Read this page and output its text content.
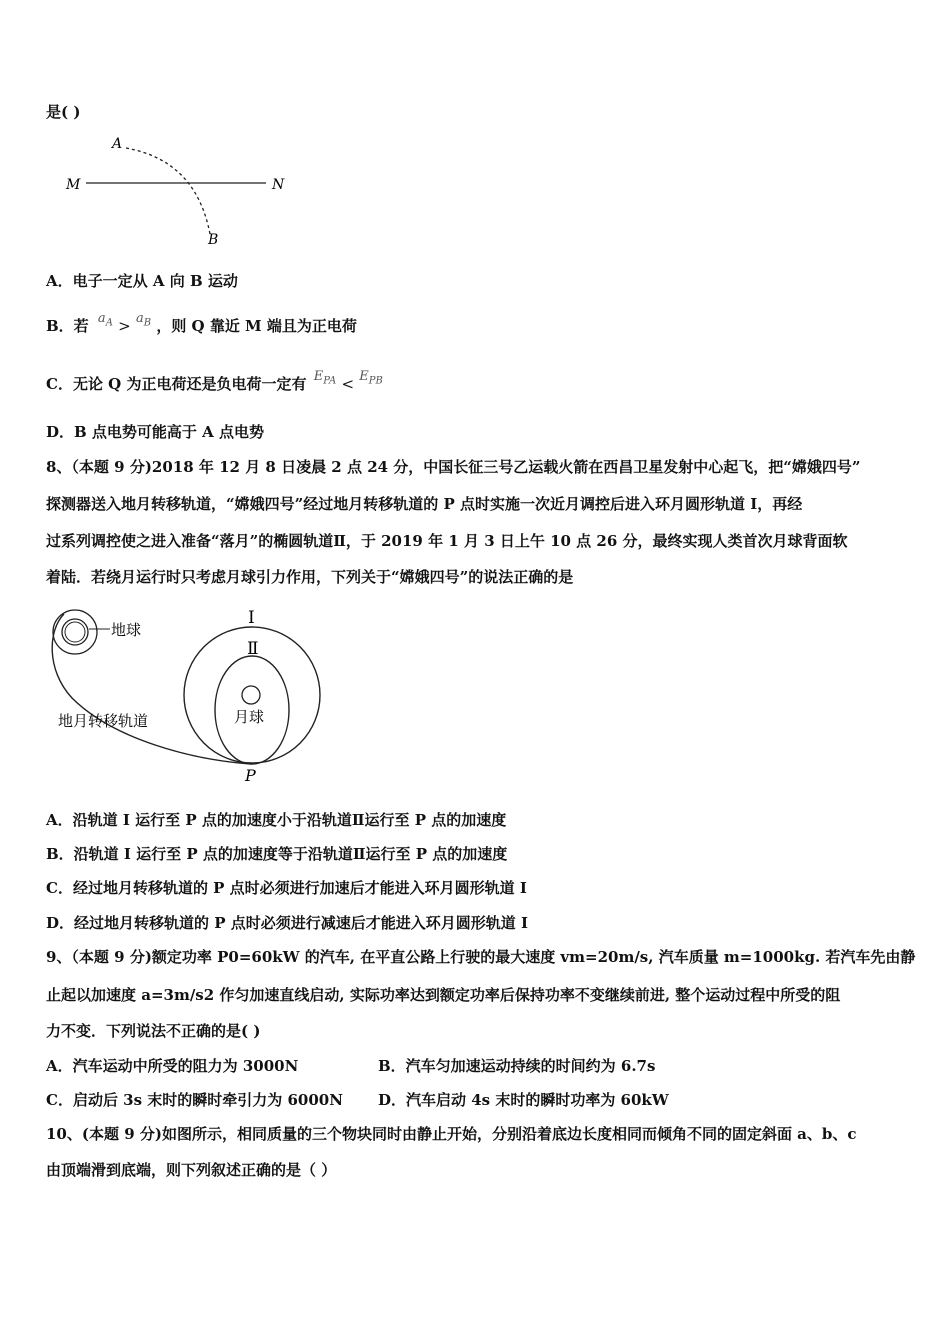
是( )
A
M	N
B
A．电子一定从 A 向 B 运动
B．若 $a_A > a_B$ ，则 Q 靠近 M 端且为正电荷
C．无论 Q 为正电荷还是负电荷一定有 $E_{PA} < E_{PB}$
D．B 点电势可能高于 A 点电势
8、（本题 9 分)2018 年 12 月 8 日凌晨 2 点 24 分，中国长征三号乙运载火箭在西昌卫星发射中心起飞，把“嫦娥四号”
探测器送入地月转移轨道，“嫦娥四号”经过地月转移轨道的 P 点时实施一次近月调控后进入环月圆形轨道 I，再经
过系列调控使之进入准备“落月”的椭圆轨道Ⅱ，于 2019 年 1 月 3 日上午 10 点 26 分，最终实现人类首次月球背面软
着陆．若绕月运行时只考虑月球引力作用，下列关于“嫦娥四号”的说法正确的是
地球
地月转移轨道
I
Ⅱ
月球
P
A．沿轨道 I 运行至 P 点的加速度小于沿轨道Ⅱ运行至 P 点的加速度
B．沿轨道 I 运行至 P 点的加速度等于沿轨道Ⅱ运行至 P 点的加速度
C．经过地月转移轨道的 P 点时必须进行加速后才能进入环月圆形轨道 I
D．经过地月转移轨道的 P 点时必须进行减速后才能进入环月圆形轨道 I
9、（本题 9 分)额定功率 P0=60kW 的汽车, 在平直公路上行驶的最大速度 vm=20m/s, 汽车质量 m=1000kg. 若汽车先由静
止起以加速度 a=3m/s2 作匀加速直线启动, 实际功率达到额定功率后保持功率不变继续前进, 整个运动过程中所受的阻
力不变．下列说法不正确的是( )
A．汽车运动中所受的阻力为 3000N	B．汽车匀加速运动持续的时间约为 6.7s
C．启动后 3s 末时的瞬时牵引力为 6000N D．汽车启动 4s 末时的瞬时功率为 60kW
10、(本题 9 分)如图所示，相同质量的三个物块同时由静止开始，分别沿着底边长度相同而倾角不同的固定斜面 a、b、c
由顶端滑到底端，则下列叙述正确的是（ ）
